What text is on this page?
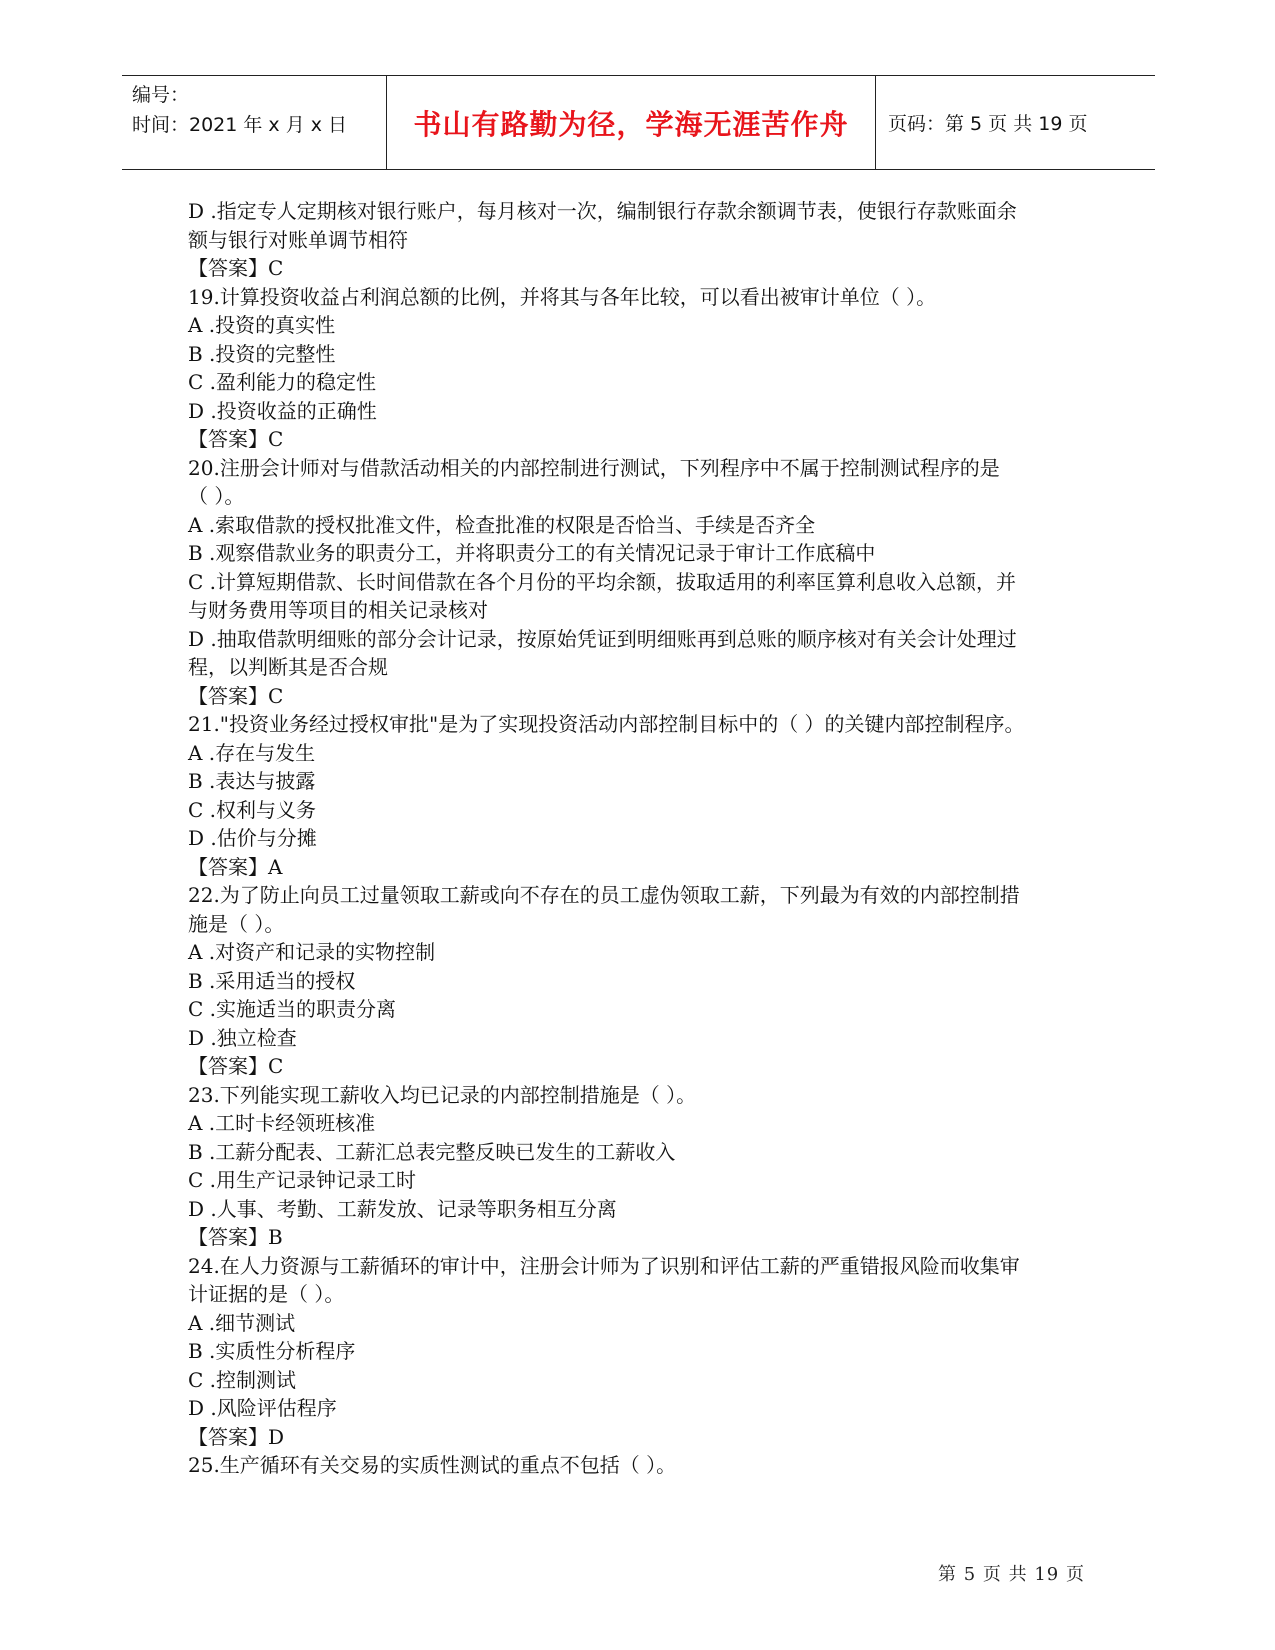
编号：
时间：2021 年 x 月 x 日	书山有路勤为径，学海无涯苦作舟 页码：第 5 页 共 19 页
D .指定专人定期核对银行账户，每月核对一次，编制银行存款余额调节表，使银行存款账面余
额与银行对账单调节相符
【答案】C
19.计算投资收益占利润总额的比例，并将其与各年比较，可以看出被审计单位（ ）。
A .投资的真实性
B .投资的完整性
C .盈利能力的稳定性
D .投资收益的正确性
【答案】C
20.注册会计师对与借款活动相关的内部控制进行测试，下列程序中不属于控制测试程序的是
（ ）。
A .索取借款的授权批准文件，检查批准的权限是否恰当、手续是否齐全
B .观察借款业务的职责分工，并将职责分工的有关情况记录于审计工作底稿中
C .计算短期借款、长时间借款在各个月份的平均余额，拔取适用的利率匡算利息收入总额，并
与财务费用等项目的相关记录核对
D .抽取借款明细账的部分会计记录，按原始凭证到明细账再到总账的顺序核对有关会计处理过
程，以判断其是否合规
【答案】C
21."投资业务经过授权审批"是为了实现投资活动内部控制目标中的（ ）的关键内部控制程序。
A .存在与发生
B .表达与披露
C .权利与义务
D .估价与分摊
【答案】A
22.为了防止向员工过量领取工薪或向不存在的员工虚伪领取工薪，下列最为有效的内部控制措
施是（ ）。
A .对资产和记录的实物控制
B .采用适当的授权
C .实施适当的职责分离
D .独立检查
【答案】C
23.下列能实现工薪收入均已记录的内部控制措施是（ ）。
A .工时卡经领班核准
B .工薪分配表、工薪汇总表完整反映已发生的工薪收入
C .用生产记录钟记录工时
D .人事、考勤、工薪发放、记录等职务相互分离
【答案】B
24.在人力资源与工薪循环的审计中，注册会计师为了识别和评估工薪的严重错报风险而收集审
计证据的是（ ）。
A .细节测试
B .实质性分析程序
C .控制测试
D .风险评估程序
【答案】D
25.生产循环有关交易的实质性测试的重点不包括（ ）。
第 5 页 共 19 页
